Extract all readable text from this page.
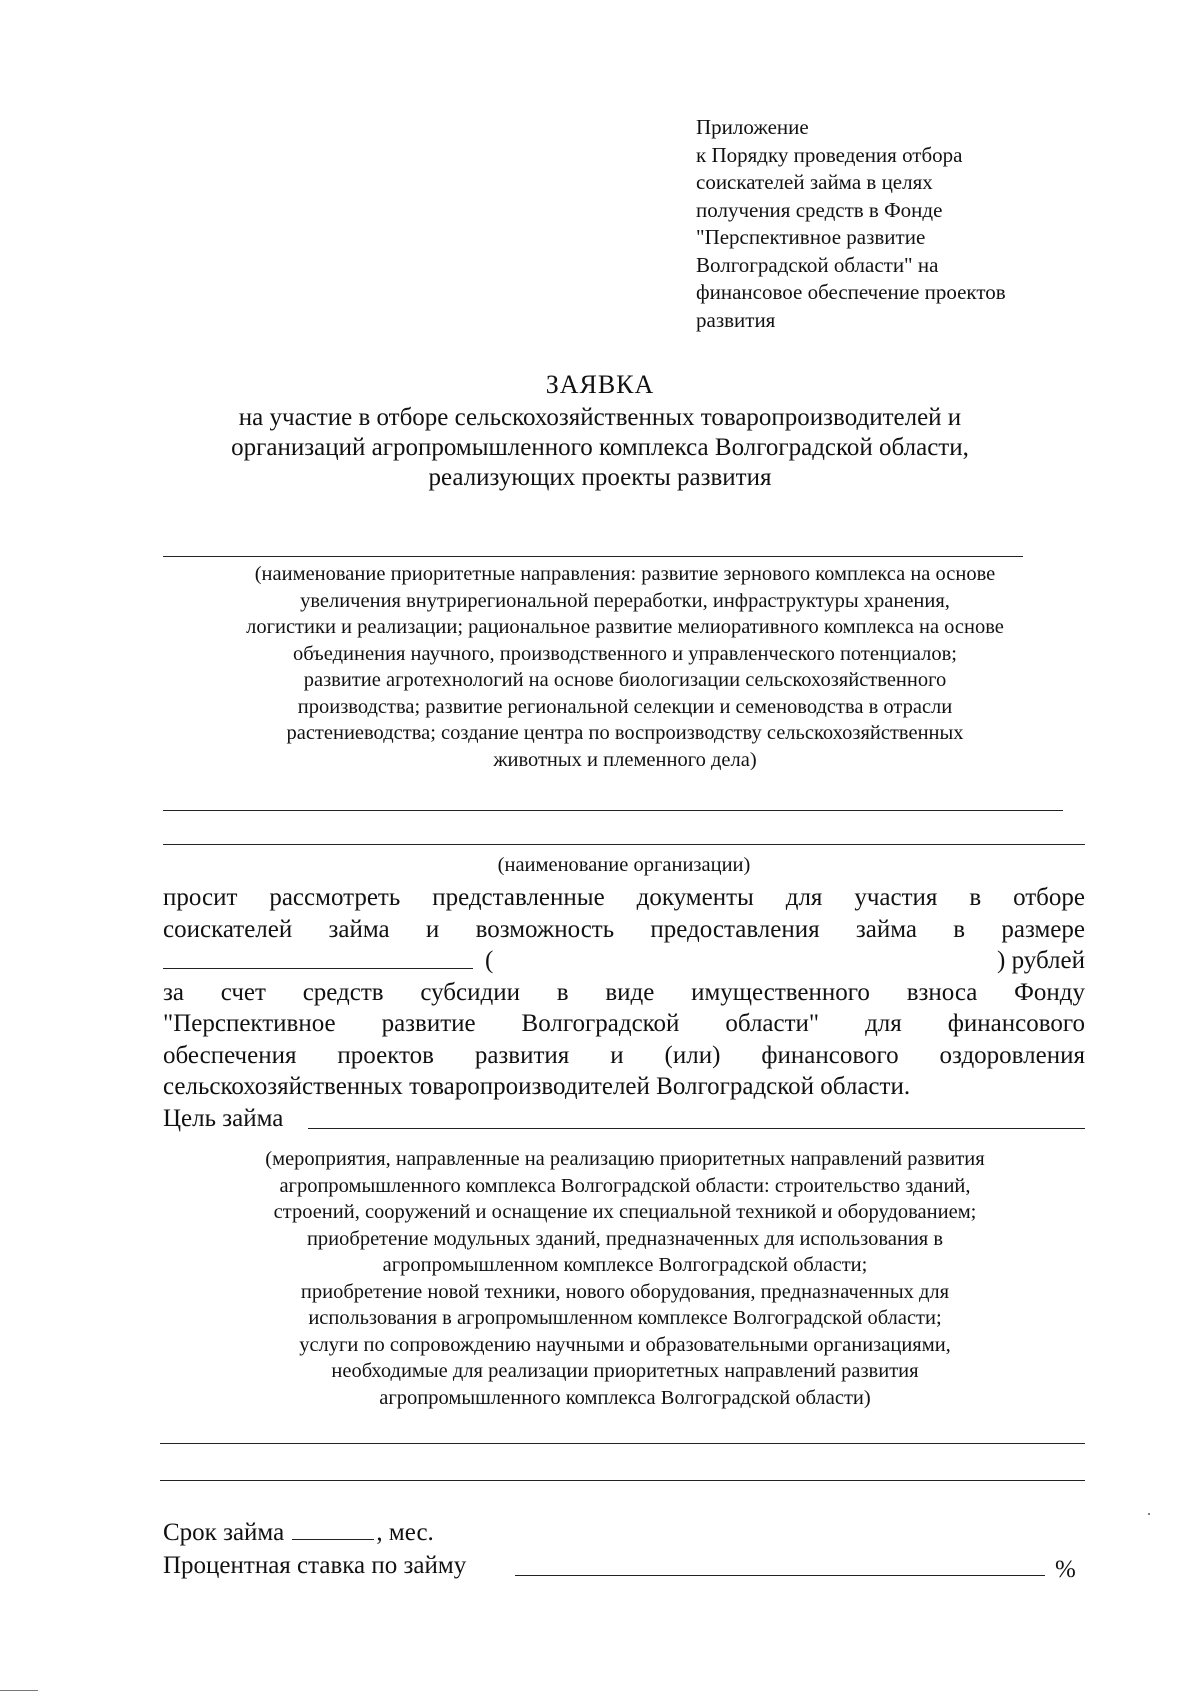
Приложение
к Порядку проведения отбора
соискателей займа в целях
получения средств в Фонде
"Перспективное развитие
Волгоградской области" на
финансовое обеспечение проектов
развития
ЗАЯВКА
на участие в отборе сельскохозяйственных товаропроизводителей и
организаций агропромышленного комплекса Волгоградской области,
реализующих проекты развития
(наименование приоритетные направления: развитие зернового комплекса на основе
увеличения внутрирегиональной переработки, инфраструктуры хранения,
логистики и реализации; рациональное развитие мелиоративного комплекса на основе
объединения научного, производственного и управленческого потенциалов;
развитие агротехнологий на основе биологизации сельскохозяйственного
производства; развитие региональной селекции и семеноводства в отрасли
растениеводства; создание центра по воспроизводству сельскохозяйственных
животных и племенного дела)
(наименование организации)
просит рассмотреть представленные документы для участия в отборе
соискателей займа и возможность предоставления займа в размере
(	) рублей
за счет средств субсидии в виде имущественного взноса Фонду
"Перспективное развитие Волгоградской области" для финансового
обеспечения проектов развития и (или) финансового оздоровления
сельскохозяйственных товаропроизводителей Волгоградской области.
Цель займа
(мероприятия, направленные на реализацию приоритетных направлений развития
агропромышленного комплекса Волгоградской области: строительство зданий,
строений, сооружений и оснащение их специальной техникой и оборудованием;
приобретение модульных зданий, предназначенных для использования в
агропромышленном комплексе Волгоградской области;
приобретение новой техники, нового оборудования, предназначенных для
использования в агропромышленном комплексе Волгоградской области;
услуги по сопровождению научными и образовательными организациями,
необходимые для реализации приоритетных направлений развития
агропромышленного комплекса Волгоградской области)
Срок займа	, мес.
Процентная ставка по займу	%
